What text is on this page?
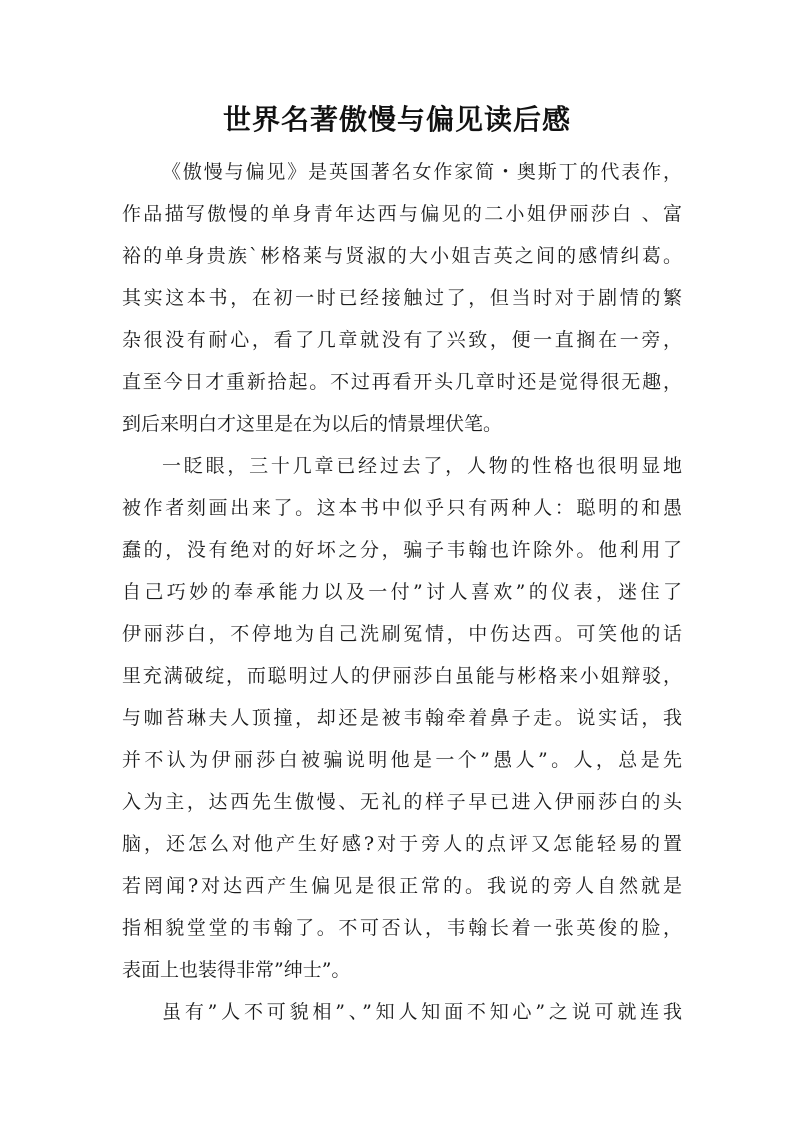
世界名著傲慢与偏见读后感
《傲慢与偏见》是英国著名女作家简・奥斯丁的代表作，
作品描写傲慢的单身青年达西与偏见的二小姐伊丽莎白 、富
裕的单身贵族`彬格莱与贤淑的大小姐吉英之间的感情纠葛。
其实这本书，在初一时已经接触过了，但当时对于剧情的繁
杂很没有耐心，看了几章就没有了兴致，便一直搁在一旁，
直至今日才重新拾起。不过再看开头几章时还是觉得很无趣，
到后来明白才这里是在为以后的情景埋伏笔。
一眨眼，三十几章已经过去了，人物的性格也很明显地
被作者刻画出来了。这本书中似乎只有两种人：聪明的和愚
蠢的，没有绝对的好坏之分，骗子韦翰也许除外。他利用了
自己巧妙的奉承能力以及一付”讨人喜欢”的仪表，迷住了
伊丽莎白，不停地为自己洗刷冤情，中伤达西。可笑他的话
里充满破绽，而聪明过人的伊丽莎白虽能与彬格来小姐辩驳，
与咖苔琳夫人顶撞，却还是被韦翰牵着鼻子走。说实话，我
并不认为伊丽莎白被骗说明他是一个”愚人”。人，总是先
入为主，达西先生傲慢、无礼的样子早已进入伊丽莎白的头
脑，还怎么对他产生好感?对于旁人的点评又怎能轻易的置
若罔闻?对达西产生偏见是很正常的。我说的旁人自然就是
指相貌堂堂的韦翰了。不可否认，韦翰长着一张英俊的脸，
表面上也装得非常”绅士”。
虽有”人不可貌相”、”知人知面不知心”之说可就连我
